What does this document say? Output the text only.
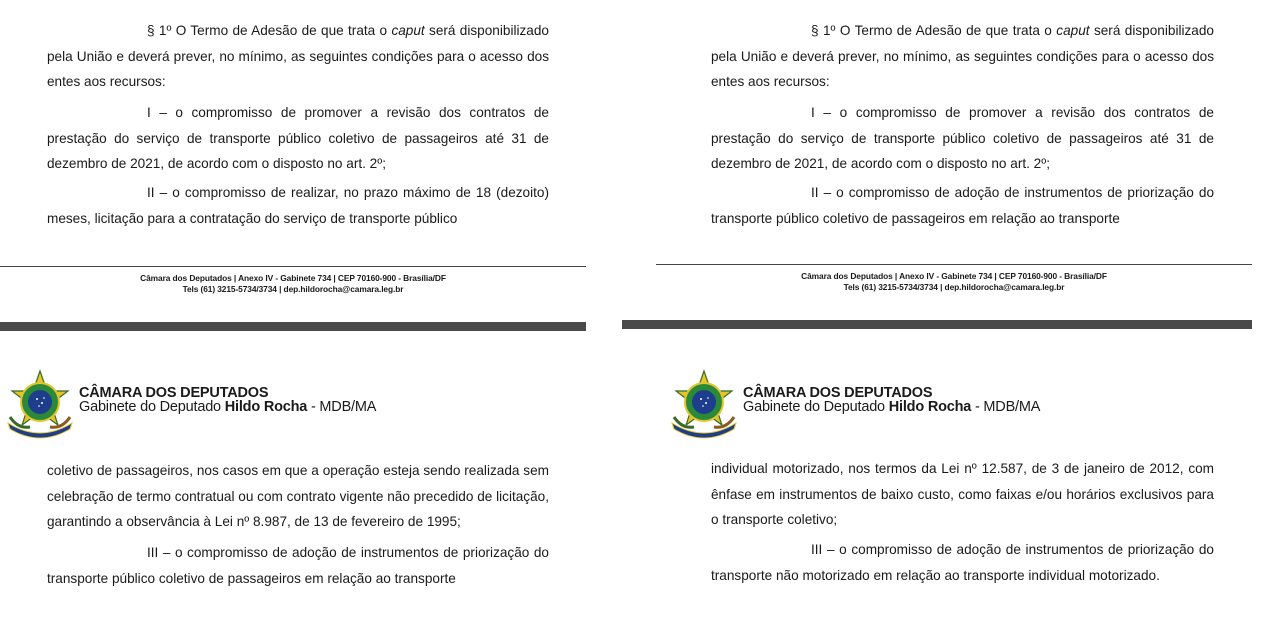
§ 1º O Termo de Adesão de que trata o caput será disponibilizado pela União e deverá prever, no mínimo, as seguintes condições para o acesso dos entes aos recursos:

I – o compromisso de promover a revisão dos contratos de prestação do serviço de transporte público coletivo de passageiros até 31 de dezembro de 2021, de acordo com o disposto no art. 2º;

II – o compromisso de realizar, no prazo máximo de 18 (dezoito) meses, licitação para a contratação do serviço de transporte público

Câmara dos Deputados | Anexo IV - Gabinete 734 | CEP 70160-900 - Brasília/DF
Tels (61) 3215-5734/3734 | dep.hildorocha@camara.leg.br
CÂMARA DOS DEPUTADOS
Gabinete do Deputado Hildo Rocha - MDB/MA

coletivo de passageiros, nos casos em que a operação esteja sendo realizada sem celebração de termo contratual ou com contrato vigente não precedido de licitação, garantindo a observância à Lei nº 8.987, de 13 de fevereiro de 1995;

III – o compromisso de adoção de instrumentos de priorização do transporte público coletivo de passageiros em relação ao transporte

§ 1º O Termo de Adesão de que trata o caput será disponibilizado pela União e deverá prever, no mínimo, as seguintes condições para o acesso dos entes aos recursos:

I – o compromisso de promover a revisão dos contratos de prestação do serviço de transporte público coletivo de passageiros até 31 de dezembro de 2021, de acordo com o disposto no art. 2º;

II – o compromisso de adoção de instrumentos de priorização do transporte público coletivo de passageiros em relação ao transporte

Câmara dos Deputados | Anexo IV - Gabinete 734 | CEP 70160-900 - Brasília/DF
Tels (61) 3215-5734/3734 | dep.hildorocha@camara.leg.br
CÂMARA DOS DEPUTADOS
Gabinete do Deputado Hildo Rocha - MDB/MA

individual motorizado, nos termos da Lei nº 12.587, de 3 de janeiro de 2012, com ênfase em instrumentos de baixo custo, como faixas e/ou horários exclusivos para o transporte coletivo;

III – o compromisso de adoção de instrumentos de priorização do transporte não motorizado em relação ao transporte individual motorizado.
